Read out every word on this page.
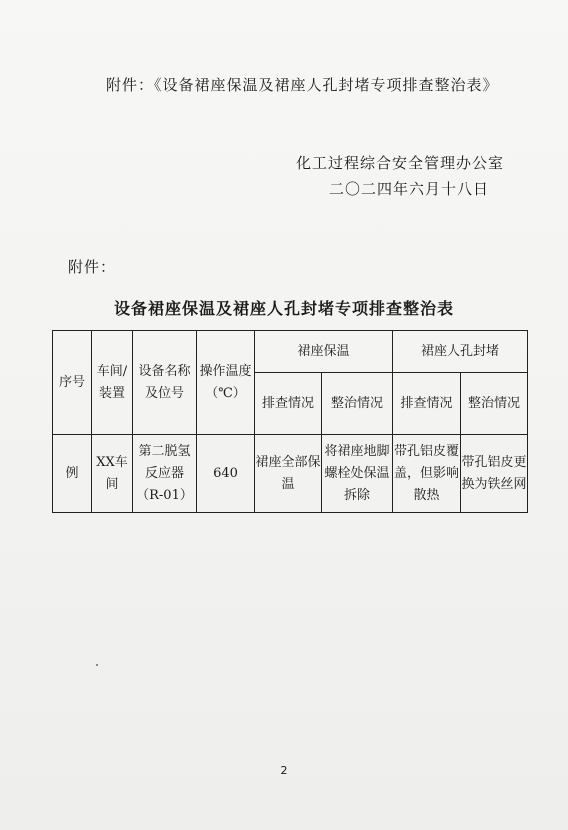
附件：《设备裙座保温及裙座人孔封堵专项排查整治表》
化工过程综合安全管理办公室
二〇二四年六月十八日
附件：
设备裙座保温及裙座人孔封堵专项排查整治表
序号	车间/装置	设备名称及位号	操作温度（℃）	裙座保温		裙座人孔封堵	
				排查情况	整治情况	排查情况	整治情况
例	XX车间	第二脱氢反应器（R-01）	640	裙座全部保温	将裙座地脚螺栓处保温拆除	带孔铝皮覆盖，但影响散热	带孔铝皮更换为铁丝网
2
